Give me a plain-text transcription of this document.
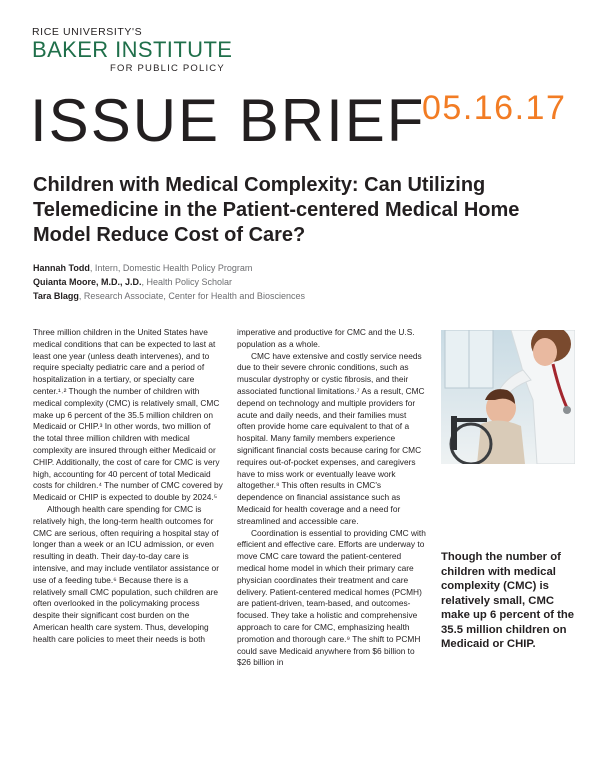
RICE UNIVERSITY'S
BAKER INSTITUTE
FOR PUBLIC POLICY
ISSUE BRIEF
05.16.17
Children with Medical Complexity: Can Utilizing Telemedicine in the Patient-centered Medical Home Model Reduce Cost of Care?
Hannah Todd, Intern, Domestic Health Policy Program
Quianta Moore, M.D., J.D., Health Policy Scholar
Tara Blagg, Research Associate, Center for Health and Biosciences

Three million children in the United States have medical conditions that can be expected to last at least one year (unless death intervenes), and to require specialty pediatric care and a period of hospitalization in a tertiary, or specialty care center.¹˒² Though the number of children with medical complexity (CMC) is relatively small, CMC make up 6 percent of the 35.5 million children on Medicaid or CHIP.³ In other words, two million of the total three million children with medical complexity are insured through either Medicaid or CHIP. Additionally, the cost of care for CMC is very high, accounting for 40 percent of total Medicaid costs for children.⁴ The number of CMC covered by Medicaid or CHIP is expected to double by 2024.⁵

Although health care spending for CMC is relatively high, the long-term health outcomes for CMC are serious, often requiring a hospital stay of longer than a week or an ICU admission, or even resulting in death. Their day-to-day care is intensive, and may include ventilator assistance or use of a feeding tube.⁶ Because there is a relatively small CMC population, such children are often overlooked in the policymaking process despite their significant cost burden on the American health care system. Thus, developing health care policies to meet their needs is both

imperative and productive for CMC and the U.S. population as a whole.

CMC have extensive and costly service needs due to their severe chronic conditions, such as muscular dystrophy or cystic fibrosis, and their associated functional limitations.⁷ As a result, CMC depend on technology and multiple providers for acute and daily needs, and their families must often provide home care equivalent to that of a hospital. Many family members experience significant financial costs because caring for CMC requires out-of-pocket expenses, and caregivers have to miss work or eventually leave work altogether.⁸ This often results in CMC's dependence on financial assistance such as Medicaid for health coverage and a need for streamlined and accessible care.

Coordination is essential to providing CMC with efficient and effective care. Efforts are underway to move CMC care toward the patient-centered medical home model in which their primary care physician coordinates their treatment and care delivery. Patient-centered medical homes (PCMH) are patient-driven, team-based, and outcomes-focused. They take a holistic and comprehensive approach to care for CMC, emphasizing health promotion and thorough care.⁹ The shift to PCMH could save Medicaid anywhere from $6 billion to $26 billion in

Though the number of children with medical complexity (CMC) is relatively small, CMC make up 6 percent of the 35.5 million children on Medicaid or CHIP.
